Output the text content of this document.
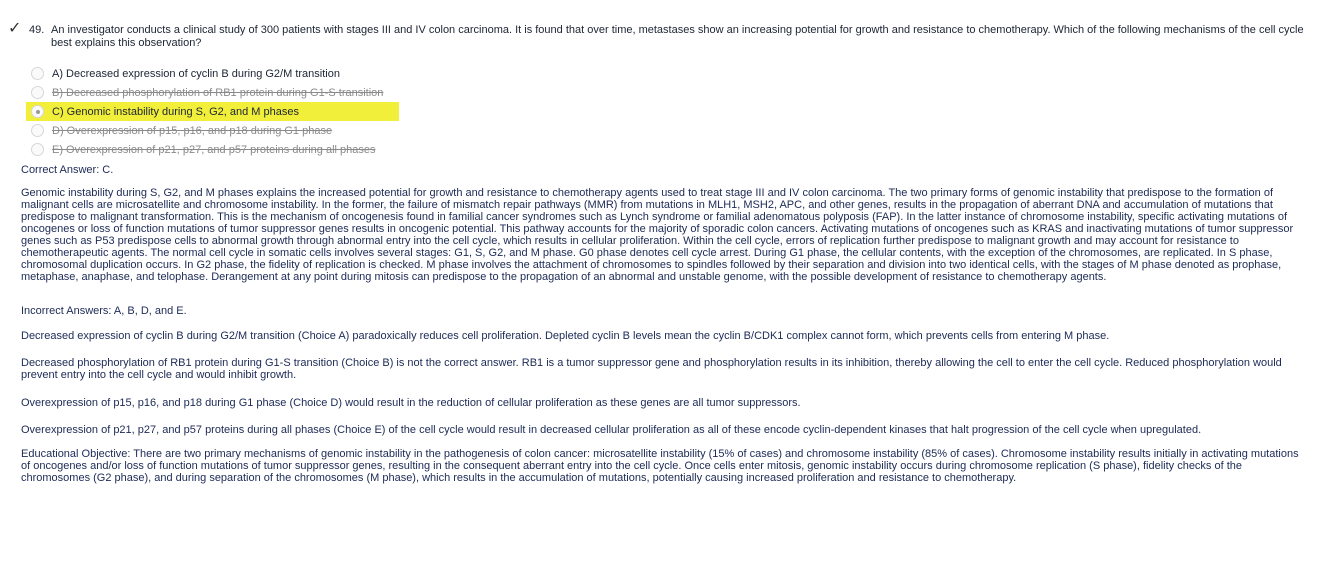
✓ 49. An investigator conducts a clinical study of 300 patients with stages III and IV colon carcinoma. It is found that over time, metastases show an increasing potential for growth and resistance to chemotherapy. Which of the following mechanisms of the cell cycle best explains this observation?
A) Decreased expression of cyclin B during G2/M transition
B) Decreased phosphorylation of RB1 protein during G1-S transition
C) Genomic instability during S, G2, and M phases
D) Overexpression of p15, p16, and p18 during G1 phase
E) Overexpression of p21, p27, and p57 proteins during all phases
Correct Answer: C.
Genomic instability during S, G2, and M phases explains the increased potential for growth and resistance to chemotherapy agents used to treat stage III and IV colon carcinoma. The two primary forms of genomic instability that predispose to the formation of
malignant cells are microsatellite and chromosome instability. In the former, the failure of mismatch repair pathways (MMR) from mutations in MLH1, MSH2, APC, and other genes, results in the propagation of aberrant DNA and accumulation of mutations that
predispose to malignant transformation. This is the mechanism of oncogenesis found in familial cancer syndromes such as Lynch syndrome or familial adenomatous polyposis (FAP). In the latter instance of chromosome instability, specific activating mutations of
oncogenes or loss of function mutations of tumor suppressor genes results in oncogenic potential. This pathway accounts for the majority of sporadic colon cancers. Activating mutations of oncogenes such as KRAS and inactivating mutations of tumor suppressor
genes such as P53 predispose cells to abnormal growth through abnormal entry into the cell cycle, which results in cellular proliferation. Within the cell cycle, errors of replication further predispose to malignant growth and may account for resistance to
chemotherapeutic agents. The normal cell cycle in somatic cells involves several stages: G1, S, G2, and M phase. G0 phase denotes cell cycle arrest. During G1 phase, the cellular contents, with the exception of the chromosomes, are replicated. In S phase,
chromosomal duplication occurs. In G2 phase, the fidelity of replication is checked. M phase involves the attachment of chromosomes to spindles followed by their separation and division into two identical cells, with the stages of M phase denoted as prophase,
metaphase, anaphase, and telophase. Derangement at any point during mitosis can predispose to the propagation of an abnormal and unstable genome, with the possible development of resistance to chemotherapy agents.
Incorrect Answers: A, B, D, and E.

Decreased expression of cyclin B during G2/M transition (Choice A) paradoxically reduces cell proliferation. Depleted cyclin B levels mean the cyclin B/CDK1 complex cannot form, which prevents cells from entering M phase.

Decreased phosphorylation of RB1 protein during G1-S transition (Choice B) is not the correct answer. RB1 is a tumor suppressor gene and phosphorylation results in its inhibition, thereby allowing the cell to enter the cell cycle. Reduced phosphorylation would
prevent entry into the cell cycle and would inhibit growth.

Overexpression of p15, p16, and p18 during G1 phase (Choice D) would result in the reduction of cellular proliferation as these genes are all tumor suppressors.

Overexpression of p21, p27, and p57 proteins during all phases (Choice E) of the cell cycle would result in decreased cellular proliferation as all of these encode cyclin-dependent kinases that halt progression of the cell cycle when upregulated.

Educational Objective: There are two primary mechanisms of genomic instability in the pathogenesis of colon cancer: microsatellite instability (15% of cases) and chromosome instability (85% of cases). Chromosome instability results initially in activating mutations
of oncogenes and/or loss of function mutations of tumor suppressor genes, resulting in the consequent aberrant entry into the cell cycle. Once cells enter mitosis, genomic instability occurs during chromosome replication (S phase), fidelity checks of the
chromosomes (G2 phase), and during separation of the chromosomes (M phase), which results in the accumulation of mutations, potentially causing increased proliferation and resistance to chemotherapy.
